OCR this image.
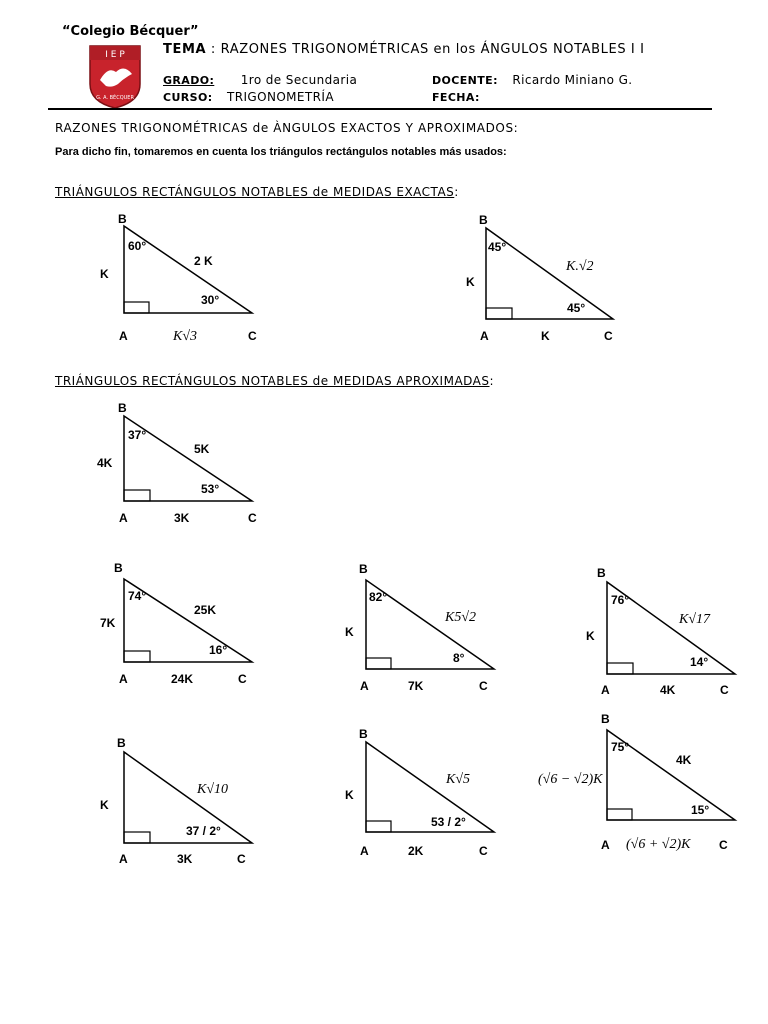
“Colegio Bécquer”
I E P
G. A. BÉCQUER
TEMA : RAZONES TRIGONOMÉTRICAS en los ÁNGULOS NOTABLES I I
GRADO: 1ro de Secundaria
CURSO: TRIGONOMETRÍA
DOCENTE: Ricardo Miniano G.
FECHA:
RAZONES TRIGONOMÉTRICAS de ÀNGULOS EXACTOS Y APROXIMADOS:
Para dicho fin, tomaremos en cuenta los triángulos rectángulos notables más usados:
TRIÁNGULOS RECTÁNGULOS NOTABLES de MEDIDAS EXACTAS:
TRIÁNGULOS RECTÁNGULOS NOTABLES de MEDIDAS APROXIMADAS:
B
A	C
60°
30°
K
2 K
K√3
B
A	C
45°
45°
K
K.√2
K
B
A	C
37°
53°
4K
5K
3K
B
A	C
74°
16°
7K
25K
24K
B
A	C
82°
8°
K
K5√2
7K
B
A	C
76°
14°
K
K√17
4K
B
A	C
37 / 2°
K
K√10
3K
B
A	C
53 / 2°
K
K√5
2K
B
A	C
75°
15°
4K
(√6 − √2)K
(√6 + √2)K
